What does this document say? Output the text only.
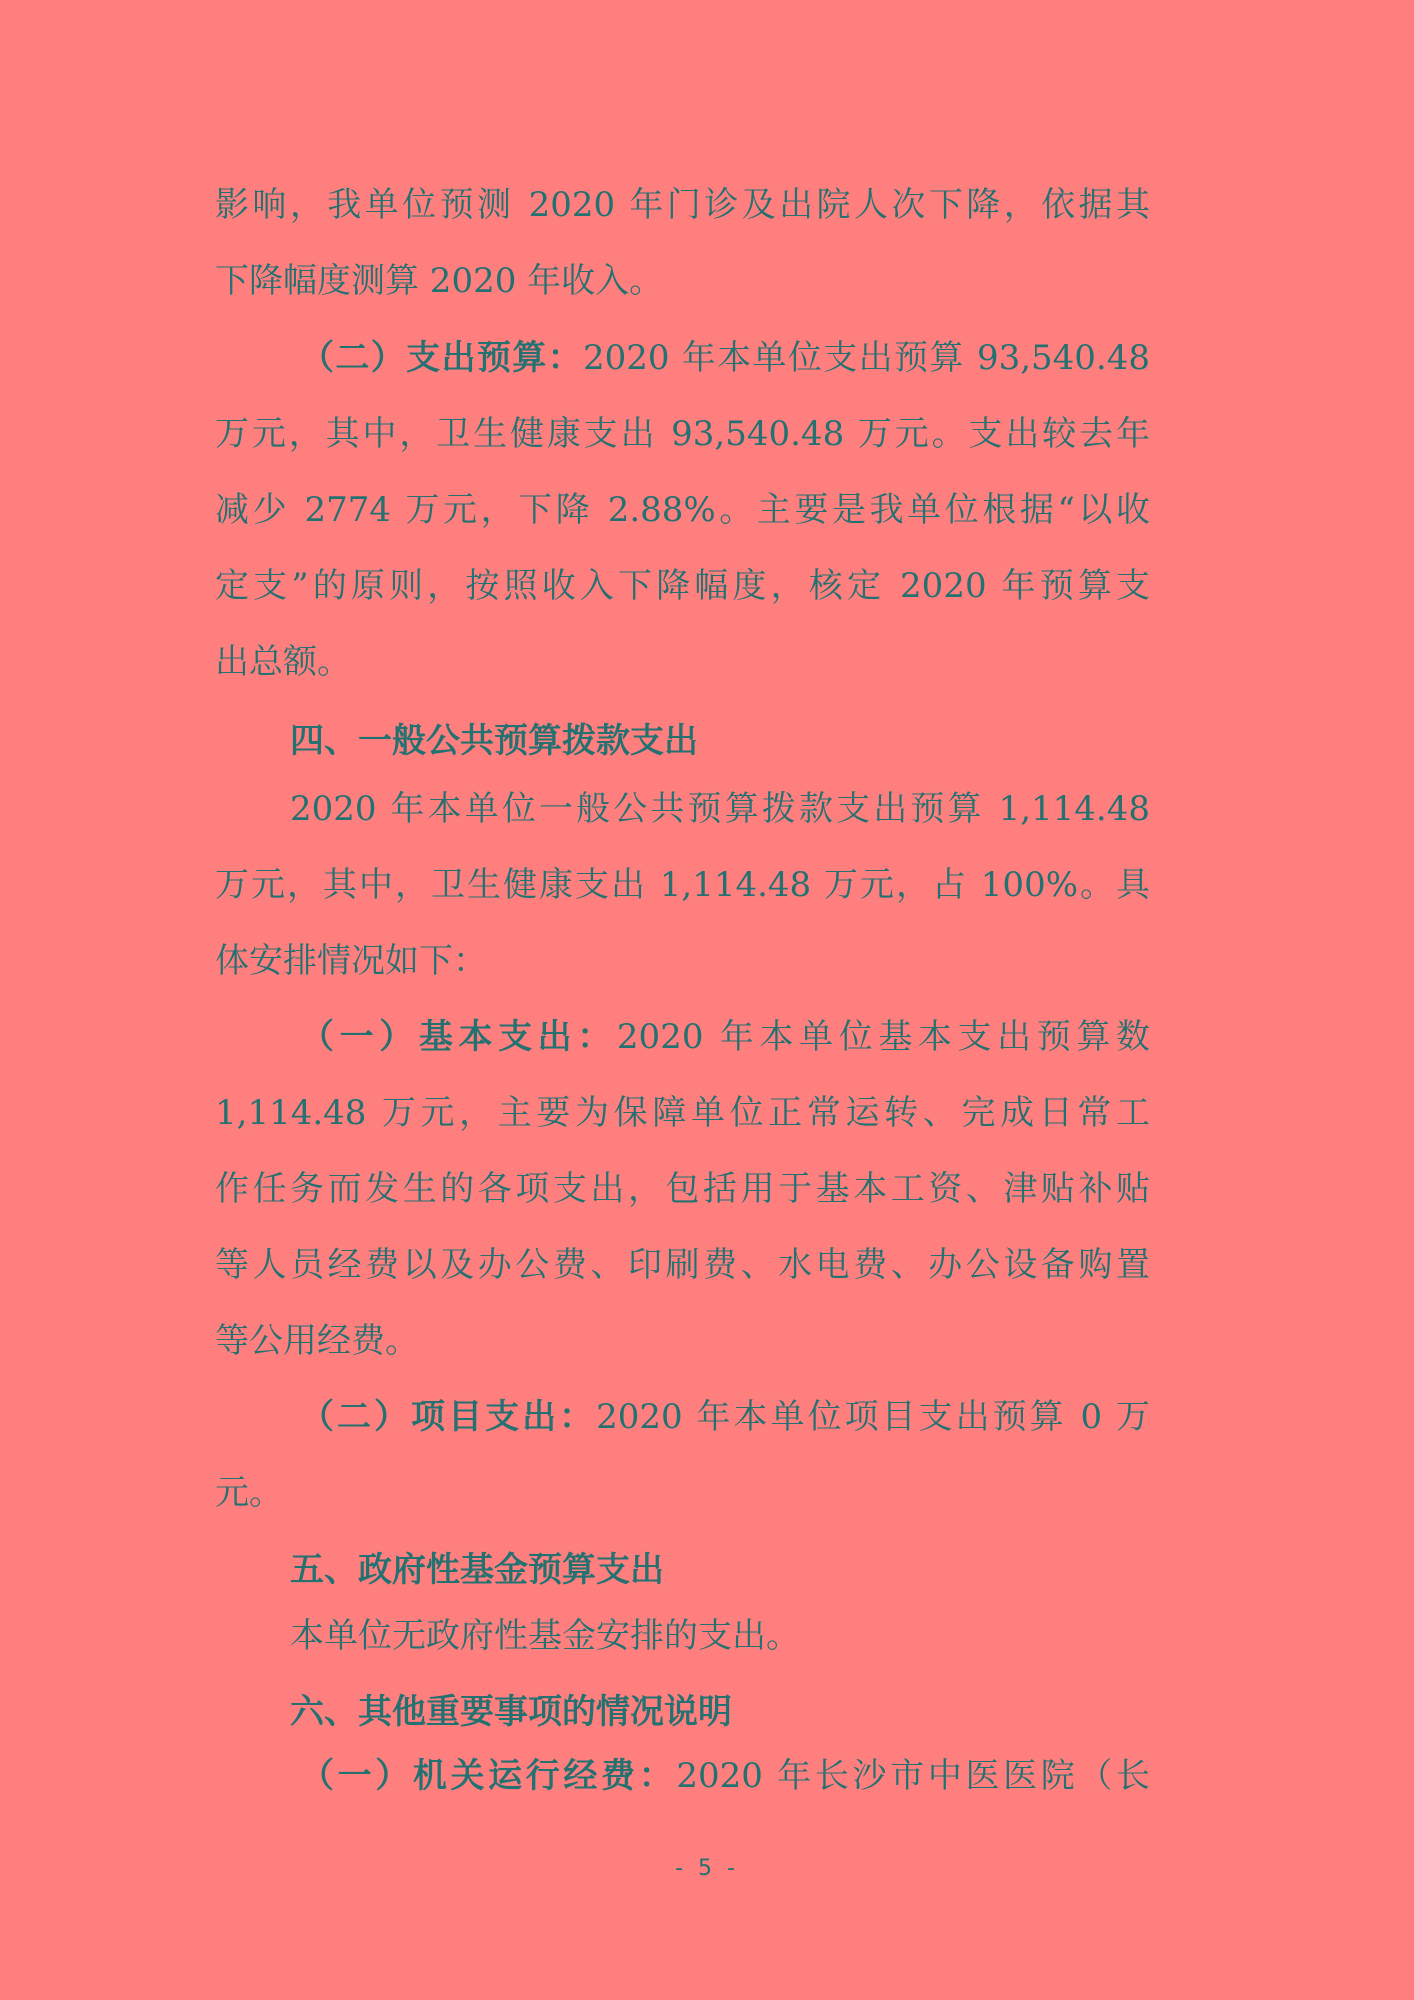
影响，我单位预测 2020 年门诊及出院人次下降，依据其
下降幅度测算 2020 年收入。
（二）支出预算：2020 年本单位支出预算 93,540.48
万元，其中，卫生健康支出 93,540.48 万元。支出较去年
减少 2774 万元，下降 2.88%。主要是我单位根据“以收
定支”的原则，按照收入下降幅度，核定 2020 年预算支
出总额。
四、一般公共预算拨款支出
2020 年本单位一般公共预算拨款支出预算 1,114.48
万元，其中，卫生健康支出 1,114.48 万元，占 100%。具
体安排情况如下：
（一）基本支出：2020 年本单位基本支出预算数
1,114.48 万元，主要为保障单位正常运转、完成日常工
作任务而发生的各项支出，包括用于基本工资、津贴补贴
等人员经费以及办公费、印刷费、水电费、办公设备购置
等公用经费。
（二）项目支出：2020 年本单位项目支出预算 0 万
元。
五、政府性基金预算支出
本单位无政府性基金安排的支出。
六、其他重要事项的情况说明
（一）机关运行经费：2020 年长沙市中医医院（长
- 5 -
